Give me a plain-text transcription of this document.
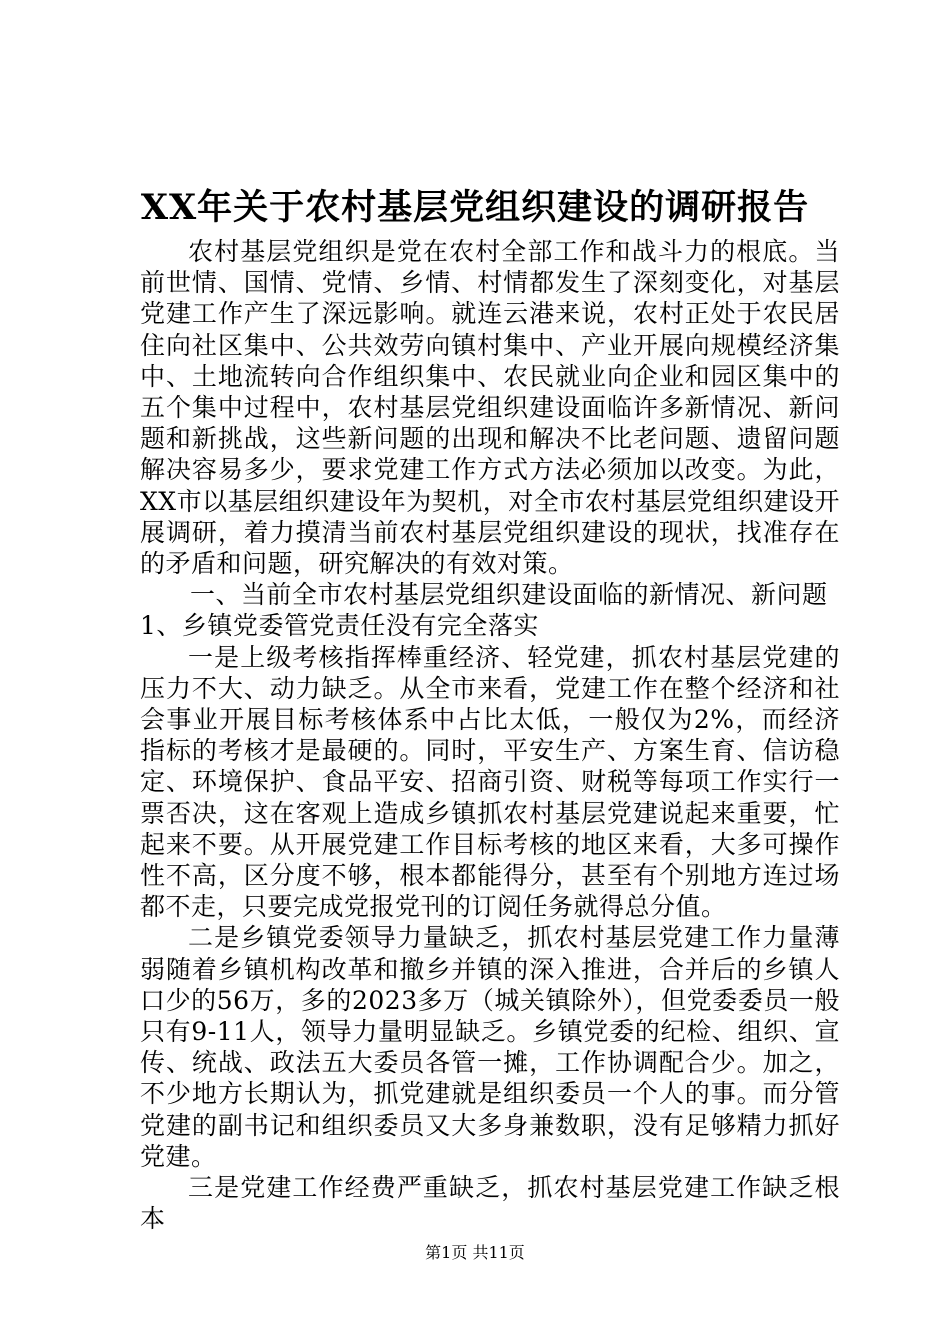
XX年关于农村基层党组织建设的调研报告

农村基层党组织是党在农村全部工作和战斗力的根底。当前世情、国情、党情、乡情、村情都发生了深刻变化，对基层党建工作产生了深远影响。就连云港来说，农村正处于农民居住向社区集中、公共效劳向镇村集中、产业开展向规模经济集中、土地流转向合作组织集中、农民就业向企业和园区集中的五个集中过程中，农村基层党组织建设面临许多新情况、新问题和新挑战，这些新问题的出现和解决不比老问题、遗留问题解决容易多少，要求党建工作方式方法必须加以改变。为此，XX市以基层组织建设年为契机，对全市农村基层党组织建设开展调研，着力摸清当前农村基层党组织建设的现状，找准存在的矛盾和问题，研究解决的有效对策。

一、当前全市农村基层党组织建设面临的新情况、新问题

1、乡镇党委管党责任没有完全落实

一是上级考核指挥棒重经济、轻党建，抓农村基层党建的压力不大、动力缺乏。从全市来看，党建工作在整个经济和社会事业开展目标考核体系中占比太低，一般仅为2%，而经济指标的考核才是最硬的。同时，平安生产、方案生育、信访稳定、环境保护、食品平安、招商引资、财税等每项工作实行一票否决，这在客观上造成乡镇抓农村基层党建说起来重要，忙起来不要。从开展党建工作目标考核的地区来看，大多可操作性不高，区分度不够，根本都能得分，甚至有个别地方连过场都不走，只要完成党报党刊的订阅任务就得总分值。

二是乡镇党委领导力量缺乏，抓农村基层党建工作力量薄弱随着乡镇机构改革和撤乡并镇的深入推进，合并后的乡镇人口少的56万，多的2023多万（城关镇除外），但党委委员一般只有9-11人，领导力量明显缺乏。乡镇党委的纪检、组织、宣传、统战、政法五大委员各管一摊，工作协调配合少。加之，不少地方长期认为，抓党建就是组织委员一个人的事。而分管党建的副书记和组织委员又大多身兼数职，没有足够精力抓好党建。

三是党建工作经费严重缺乏，抓农村基层党建工作缺乏根本

第1页 共11页
